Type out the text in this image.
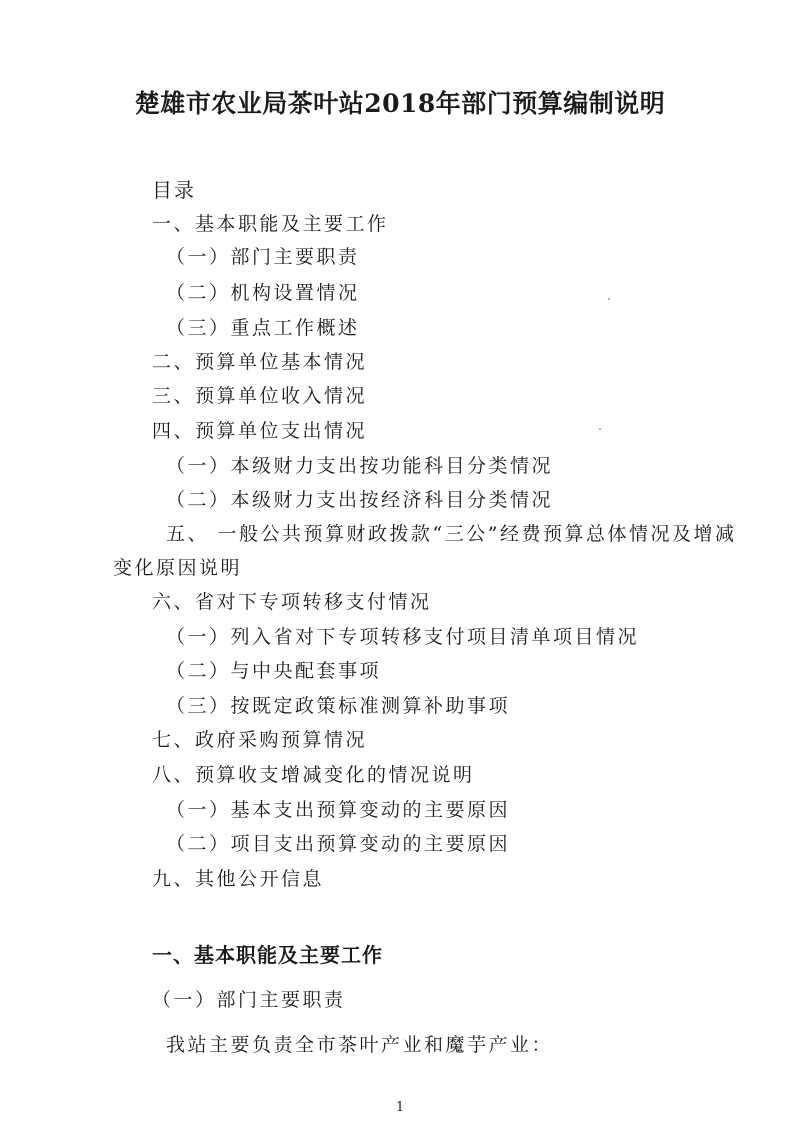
楚雄市农业局茶叶站2018年部门预算编制说明
目录
一、基本职能及主要工作
（一）部门主要职责
（二）机构设置情况
（三）重点工作概述
二、预算单位基本情况
三、预算单位收入情况
四、预算单位支出情况
（一）本级财力支出按功能科目分类情况
（二）本级财力支出按经济科目分类情况
五、 一般公共预算财政拨款“三公”经费预算总体情况及增减
变化原因说明
六、省对下专项转移支付情况
（一）列入省对下专项转移支付项目清单项目情况
（二）与中央配套事项
（三）按既定政策标准测算补助事项
七、政府采购预算情况
八、预算收支增减变化的情况说明
（一）基本支出预算变动的主要原因
（二）项目支出预算变动的主要原因
九、其他公开信息
一、基本职能及主要工作
（一）部门主要职责
我站主要负责全市茶叶产业和魔芋产业：
1
